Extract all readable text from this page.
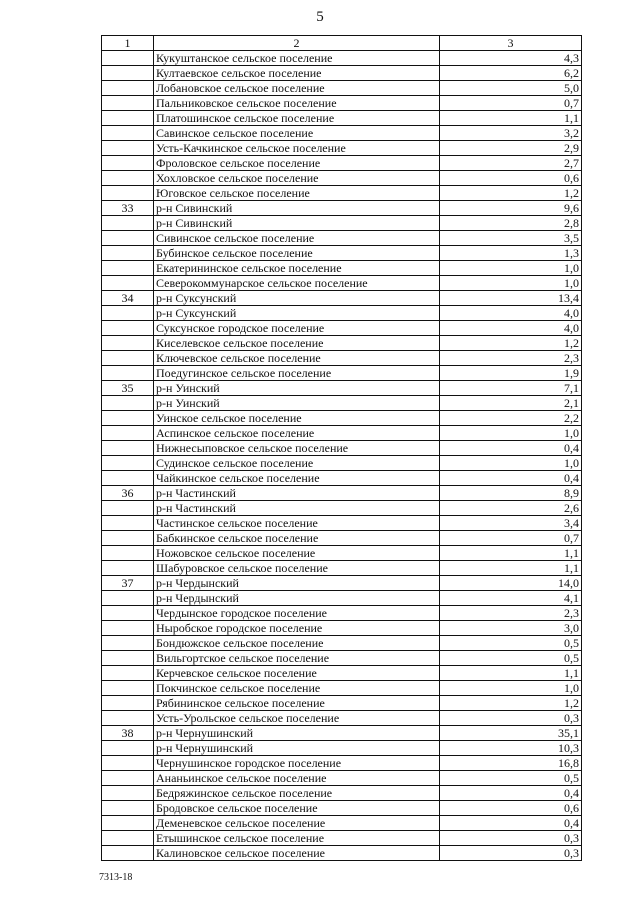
5
1	2	3
	Кукуштанское сельское поселение	4,3
	Култаевское сельское поселение	6,2
	Лобановское сельское поселение	5,0
	Пальниковское сельское поселение	0,7
	Платошинское сельское поселение	1,1
	Савинское сельское поселение	3,2
	Усть-Качкинское сельское поселение	2,9
	Фроловское сельское поселение	2,7
	Хохловское сельское поселение	0,6
	Юговское сельское поселение	1,2
33	р-н Сивинский	9,6
	р-н Сивинский	2,8
	Сивинское сельское поселение	3,5
	Бубинское сельское поселение	1,3
	Екатерининское сельское поселение	1,0
	Северокоммунарское сельское поселение	1,0
34	р-н Суксунский	13,4
	р-н Суксунский	4,0
	Суксунское городское поселение	4,0
	Киселевское сельское поселение	1,2
	Ключевское сельское поселение	2,3
	Поедугинское сельское поселение	1,9
35	р-н Уинский	7,1
	р-н Уинский	2,1
	Уинское сельское поселение	2,2
	Аспинское сельское поселение	1,0
	Нижнесыповское сельское поселение	0,4
	Судинское сельское поселение	1,0
	Чайкинское сельское поселение	0,4
36	р-н Частинский	8,9
	р-н Частинский	2,6
	Частинское сельское поселение	3,4
	Бабкинское сельское поселение	0,7
	Ножовское сельское поселение	1,1
	Шабуровское сельское поселение	1,1
37	р-н Чердынский	14,0
	р-н Чердынский	4,1
	Чердынское городское поселение	2,3
	Ныробское городское поселение	3,0
	Бондюжское сельское поселение	0,5
	Вильгортское сельское поселение	0,5
	Керчевское сельское поселение	1,1
	Покчинское сельское поселение	1,0
	Рябининское сельское поселение	1,2
	Усть-Урольское сельское поселение	0,3
38	р-н Чернушинский	35,1
	р-н Чернушинский	10,3
	Чернушинское городское поселение	16,8
	Ананьинское сельское поселение	0,5
	Бедряжинское сельское поселение	0,4
	Бродовское сельское поселение	0,6
	Деменевское сельское поселение	0,4
	Етышинское сельское поселение	0,3
	Калиновское сельское поселение	0,3
7313-18
